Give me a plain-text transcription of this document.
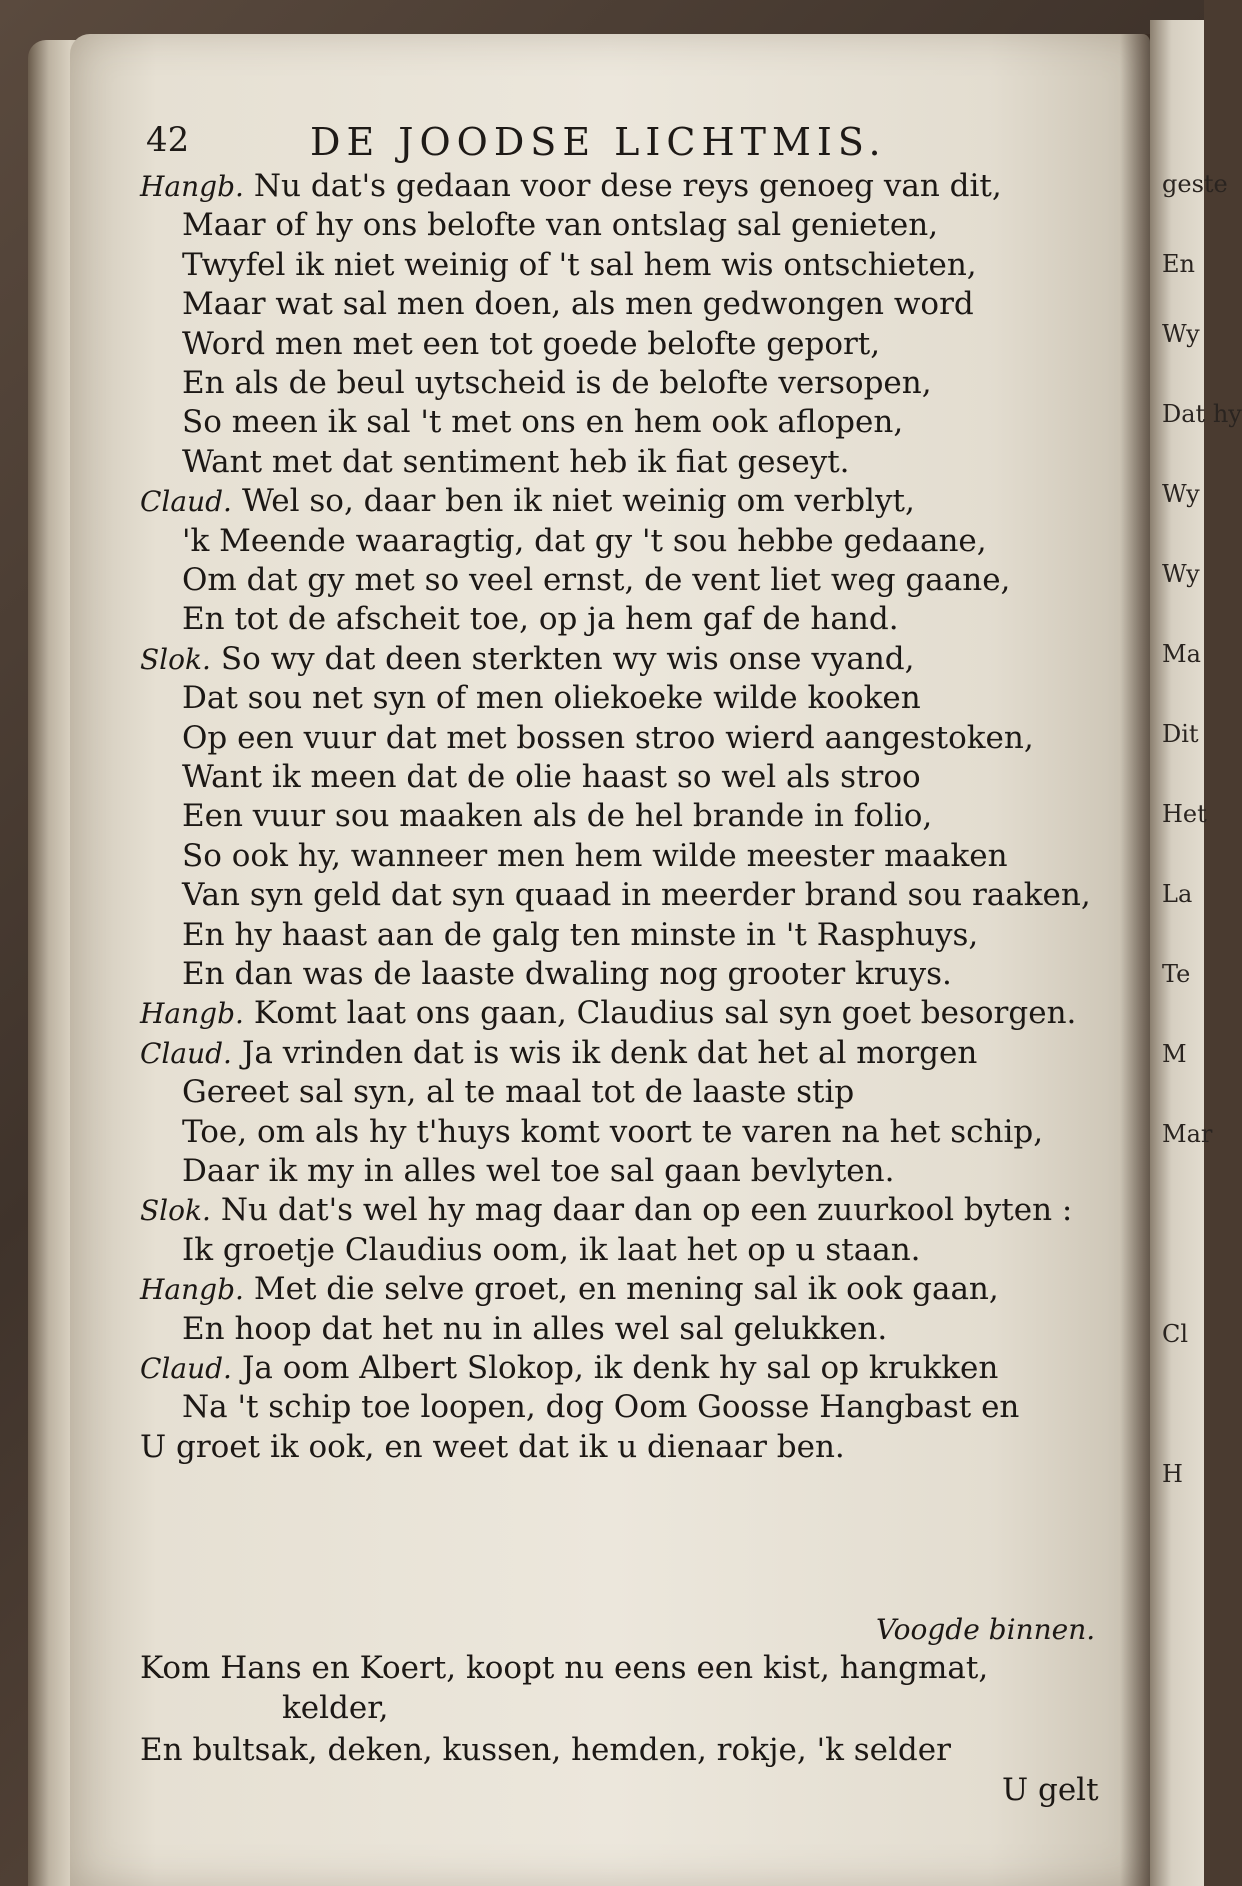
geste
En
Wy
Dat hy
Wy
Wy
Ma
Dit
Het
La
Te
M
Mar
Cl
H
42	DE JOODSE LICHTMIS.
Hangb. Nu dat's gedaan voor dese reys genoeg van dit,
Maar of hy ons belofte van ontslag sal genieten,
Twyfel ik niet weinig of 't sal hem wis ontschieten,
Maar wat sal men doen, als men gedwongen word
Word men met een tot goede belofte geport,
En als de beul uytscheid is de belofte versopen,
So meen ik sal 't met ons en hem ook aflopen,
Want met dat sentiment heb ik fiat geseyt.
Claud. Wel so, daar ben ik niet weinig om verblyt,
'k Meende waaragtig, dat gy 't sou hebbe gedaane,
Om dat gy met so veel ernst, de vent liet weg gaane,
En tot de afscheit toe, op ja hem gaf de hand.
Slok. So wy dat deen sterkten wy wis onse vyand,
Dat sou net syn of men oliekoeke wilde kooken
Op een vuur dat met bossen stroo wierd aangestoken,
Want ik meen dat de olie haast so wel als stroo
Een vuur sou maaken als de hel brande in folio,
So ook hy, wanneer men hem wilde meester maaken
Van syn geld dat syn quaad in meerder brand sou raaken,
En hy haast aan de galg ten minste in 't Rasphuys,
En dan was de laaste dwaling nog grooter kruys.
Hangb. Komt laat ons gaan, Claudius sal syn goet besorgen.
Claud. Ja vrinden dat is wis ik denk dat het al morgen
Gereet sal syn, al te maal tot de laaste stip
Toe, om als hy t'huys komt voort te varen na het schip,
Daar ik my in alles wel toe sal gaan bevlyten.
Slok. Nu dat's wel hy mag daar dan op een zuurkool byten :
Ik groetje Claudius oom, ik laat het op u staan.
Hangb. Met die selve groet, en mening sal ik ook gaan,
En hoop dat het nu in alles wel sal gelukken.
Claud. Ja oom Albert Slokop, ik denk hy sal op krukken
Na 't schip toe loopen, dog Oom Goosse Hangbast en
U groet ik ook, en weet dat ik u dienaar ben.
Voogde binnen.
Kom Hans en Koert, koopt nu eens een kist, hangmat,
kelder,
En bultsak, deken, kussen, hemden, rokje, 'k selder
U gelt
